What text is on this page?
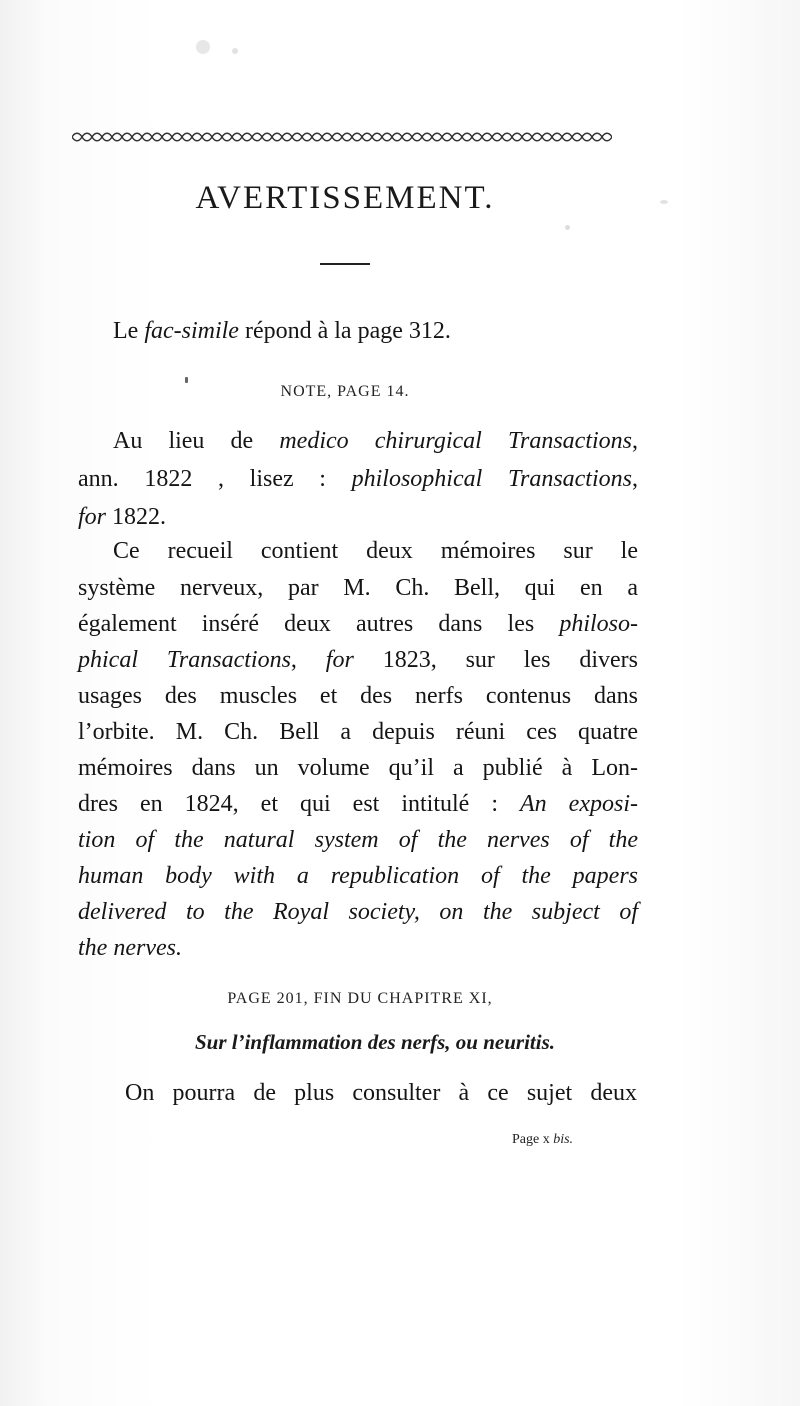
AVERTISSEMENT.
Le fac-simile répond à la page 312.
NOTE, PAGE 14.
Au lieu de medico chirurgical Transactions,
ann. 1822 , lisez : philosophical Transactions,
for 1822.
Ce recueil contient deux mémoires sur le
système nerveux, par M. Ch. Bell, qui en a
également inséré deux autres dans les philoso-
phical Transactions, for 1823, sur les divers
usages des muscles et des nerfs contenus dans
l’orbite. M. Ch. Bell a depuis réuni ces quatre
mémoires dans un volume qu’il a publié à Lon-
dres en 1824, et qui est intitulé : An exposi-
tion of the natural system of the nerves of the
human body with a republication of the papers
delivered to the Royal society, on the subject of
the nerves.
PAGE 201, FIN DU CHAPITRE XI,
Sur l’inflammation des nerfs, ou neuritis.
On pourra de plus consulter à ce sujet deux
Page x bis.
